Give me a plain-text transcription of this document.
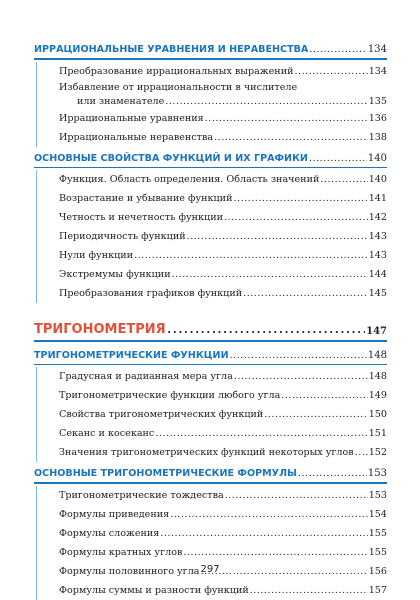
ИРРАЦИОНАЛЬНЫЕ УРАВНЕНИЯ И НЕРАВЕНСТВА .....	134
Преобразование иррациональных выражений .....	134
Избавление от иррациональности в числителе
или знаменателе .....	135
Иррациональные уравнения .....	136
Иррациональные неравенства .....	138
ОСНОВНЫЕ СВОЙСТВА ФУНКЦИЙ И ИХ ГРАФИКИ .....	140
Функция. Область определения. Область значений .....	140
Возрастание и убывание функций .....	141
Четность и нечетность функции .....	142
Периодичность функций .....	143
Нули функции .....	143
Экстремумы функции .....	144
Преобразования графиков функций .....	145
ТРИГОНОМЕТРИЯ .....	147
ТРИГОНОМЕТРИЧЕСКИЕ ФУНКЦИИ .....	148
Градусная и радианная мера угла .....	148
Тригонометрические функции любого угла .....	149
Свойства тригонометрических функций .....	150
Секанс и косеканс .....	151
Значения тригонометрических функций некоторых углов ..... 152
ОСНОВНЫЕ ТРИГОНОМЕТРИЧЕСКИЕ ФОРМУЛЫ .....	153
Тригонометрические тождества .....	153
Формулы приведения .....	154
Формулы сложения .....	155
Формулы кратных углов .....	155
Формулы половинного угла .....	156
Формулы суммы и разности функций .....	157
297
